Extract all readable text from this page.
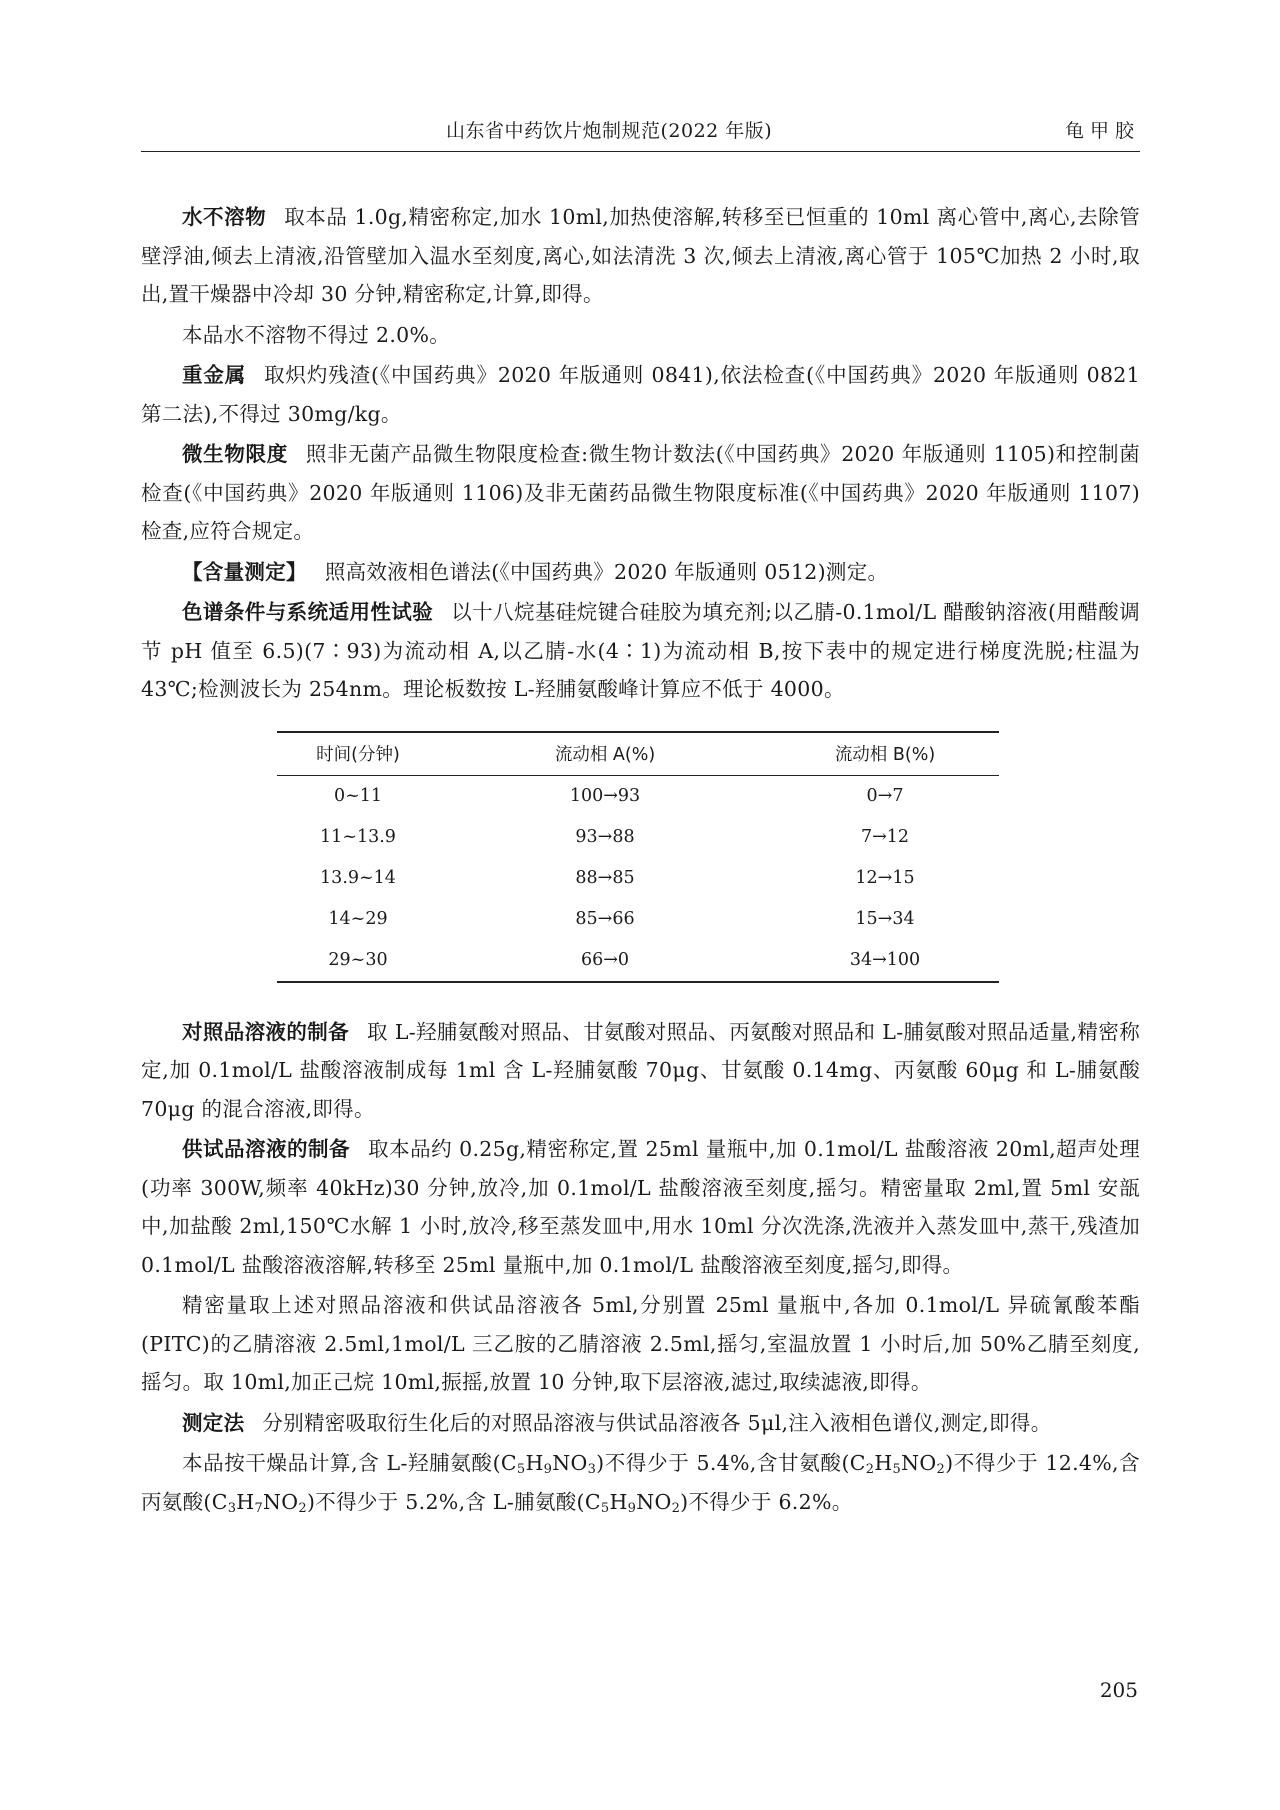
山东省中药饮片炮制规范(2022 年版)	龟甲胶

水不溶物 取本品 1.0g,精密称定,加水 10ml,加热使溶解,转移至已恒重的 10ml 离心管中,离心,去除管壁浮油,倾去上清液,沿管壁加入温水至刻度,离心,如法清洗 3 次,倾去上清液,离心管于 105℃加热 2 小时,取出,置干燥器中冷却 30 分钟,精密称定,计算,即得。

本品水不溶物不得过 2.0%。

重金属 取炽灼残渣(《中国药典》2020 年版通则 0841),依法检查(《中国药典》2020 年版通则 0821 第二法),不得过 30mg/kg。

微生物限度 照非无菌产品微生物限度检查:微生物计数法(《中国药典》2020 年版通则 1105)和控制菌检查(《中国药典》2020 年版通则 1106)及非无菌药品微生物限度标准(《中国药典》2020 年版通则 1107)检查,应符合规定。

【含量测定】 照高效液相色谱法(《中国药典》2020 年版通则 0512)测定。

色谱条件与系统适用性试验 以十八烷基硅烷键合硅胶为填充剂;以乙腈-0.1mol/L 醋酸钠溶液(用醋酸调节 pH 值至 6.5)(7∶93)为流动相 A,以乙腈-水(4∶1)为流动相 B,按下表中的规定进行梯度洗脱;柱温为 43℃;检测波长为 254nm。理论板数按 L-羟脯氨酸峰计算应不低于 4000。

时间(分钟)	流动相 A(%)	流动相 B(%)
0~11	100→93	0→7
11~13.9	93→88	7→12
13.9~14	88→85	12→15
14~29	85→66	15→34
29~30	66→0	34→100

对照品溶液的制备 取 L-羟脯氨酸对照品、甘氨酸对照品、丙氨酸对照品和 L-脯氨酸对照品适量,精密称定,加 0.1mol/L 盐酸溶液制成每 1ml 含 L-羟脯氨酸 70μg、甘氨酸 0.14mg、丙氨酸 60μg 和 L-脯氨酸 70μg 的混合溶液,即得。

供试品溶液的制备 取本品约 0.25g,精密称定,置 25ml 量瓶中,加 0.1mol/L 盐酸溶液 20ml,超声处理(功率 300W,频率 40kHz)30 分钟,放冷,加 0.1mol/L 盐酸溶液至刻度,摇匀。精密量取 2ml,置 5ml 安瓿中,加盐酸 2ml,150℃水解 1 小时,放冷,移至蒸发皿中,用水 10ml 分次洗涤,洗液并入蒸发皿中,蒸干,残渣加 0.1mol/L 盐酸溶液溶解,转移至 25ml 量瓶中,加 0.1mol/L 盐酸溶液至刻度,摇匀,即得。

精密量取上述对照品溶液和供试品溶液各 5ml,分别置 25ml 量瓶中,各加 0.1mol/L 异硫氰酸苯酯(PITC)的乙腈溶液 2.5ml,1mol/L 三乙胺的乙腈溶液 2.5ml,摇匀,室温放置 1 小时后,加 50%乙腈至刻度,摇匀。取 10ml,加正己烷 10ml,振摇,放置 10 分钟,取下层溶液,滤过,取续滤液,即得。

测定法 分别精密吸取衍生化后的对照品溶液与供试品溶液各 5μl,注入液相色谱仪,测定,即得。

本品按干燥品计算,含 L-羟脯氨酸$(C_5H_9NO_3)$不得少于 5.4%,含甘氨酸$(C_2H_5NO_2)$不得少于 12.4%,含丙氨酸$(C_3H_7NO_2)$不得少于 5.2%,含 L-脯氨酸$(C_5H_9NO_2)$不得少于 6.2%。

205
